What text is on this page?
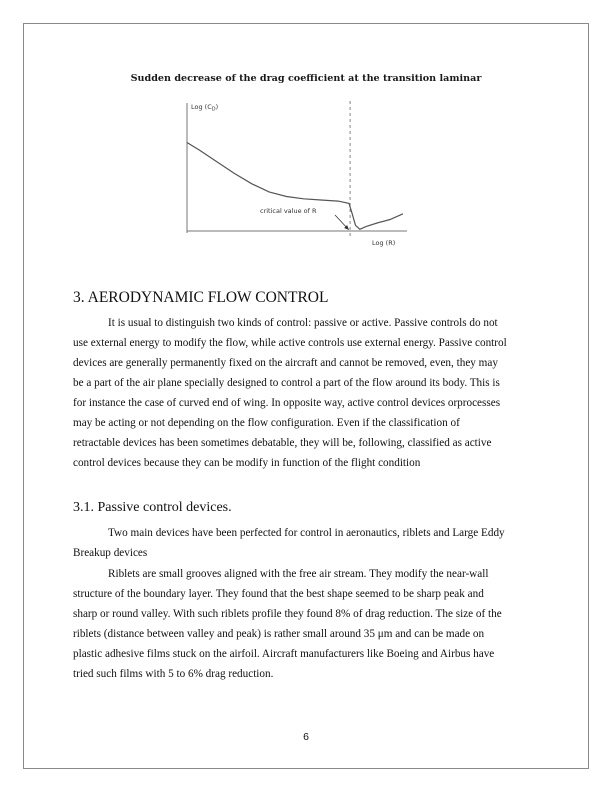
Sudden decrease of the drag coefficient at the transition laminar
Log $(C_D)$
Log (R)
critical value of R
3. AERODYNAMIC FLOW CONTROL
It is usual to distinguish two kinds of control: passive or active. Passive controls do not
use external energy to modify the flow, while active controls use external energy. Passive control
devices are generally permanently fixed on the aircraft and cannot be removed, even, they may
be a part of the air plane specially designed to control a part of the flow around its body. This is
for instance the case of curved end of wing. In opposite way, active control devices orprocesses
may be acting or not depending on the flow configuration. Even if the classification of
retractable devices has been sometimes debatable, they will be, following, classified as active
control devices because they can be modify in function of the flight condition
3.1. Passive control devices.
Two main devices have been perfected for control in aeronautics, riblets and Large Eddy
Breakup devices
Riblets are small grooves aligned with the free air stream. They modify the near-wall
structure of the boundary layer. They found that the best shape seemed to be sharp peak and
sharp or round valley. With such riblets profile they found 8% of drag reduction. The size of the
riblets (distance between valley and peak) is rather small around 35 μm and can be made on
plastic adhesive films stuck on the airfoil. Aircraft manufacturers like Boeing and Airbus have
tried such films with 5 to 6% drag reduction.
6
